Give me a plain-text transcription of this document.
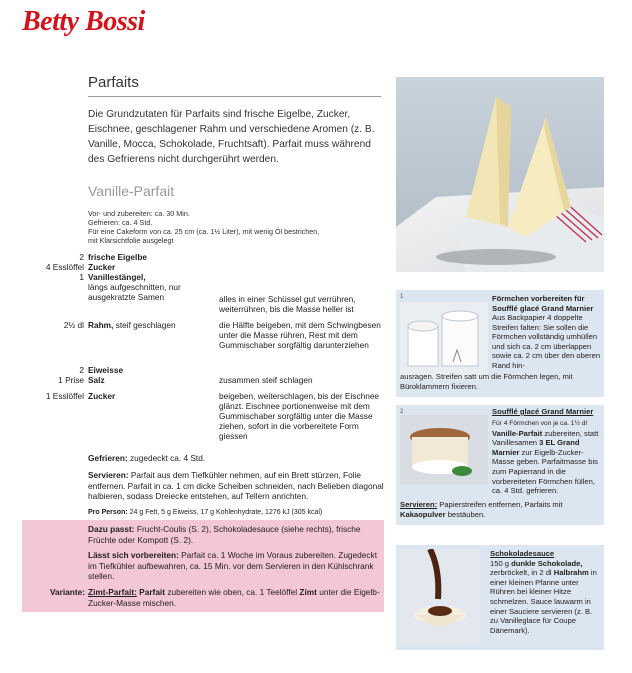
Betty Bossi
Parfaits
Die Grundzutaten für Parfaits sind frische Eigelbe, Zucker, Eischnee, geschlagener Rahm und verschiedene Aromen (z. B. Vanille, Mocca, Schokolade, Fruchtsaft). Parfait muss während des Gefrierens nicht durchgerührt werden.
Vanille-Parfait
Vor- und zubereiten: ca. 30 Min.
Gefrieren: ca. 4 Std.
Für eine Cakeform von ca. 25 cm (ca. 1½ Liter), mit wenig Öl bestrichen,
mit Klarsichtfolie ausgelegt
2 frische Eigelbe
4 Esslöffel Zucker
1 Vanillestängel,
längs aufgeschnitten, nur ausgekratzte Samen
2½ dl Rahm, steif geschlagen
2 Eiweisse
1 Prise Salz
1 Esslöffel Zucker
alles in einer Schüssel gut verrühren, weiterrühren, bis die Masse heller ist
die Hälfte beigeben, mit dem Schwingbesen unter die Masse rühren, Rest mit dem Gummischaber sorgfältig darunterziehen
zusammen steif schlagen
beigeben, weiterschlagen, bis der Eischnee glänzt. Eischnee portionenweise mit dem Gummischaber sorgfältig unter die Masse ziehen, sofort in die vorbereitete Form giessen
Gefrieren: zugedeckt ca. 4 Std.
Servieren: Parfait aus dem Tiefkühler nehmen, auf ein Brett stürzen, Folie entfernen. Parfait in ca. 1 cm dicke Scheiben schneiden, nach Belieben diagonal halbieren, sodass Dreiecke entstehen, auf Tellern anrichten.
Pro Person: 24 g Fett, 5 g Eiweiss, 17 g Kohlenhydrate, 1276 kJ (305 kcal)
Dazu passt: Frucht-Coulis (S. 2), Schokoladesauce (siehe rechts), frische Früchte oder Kompott (S. 2).
Lässt sich vorbereiten: Parfait ca. 1 Woche im Voraus zubereiten. Zugedeckt im Tiefkühler aufbewahren, ca. 15 Min. vor dem Servieren in den Kühlschrank stellen.
Variante: Zimt-Parfait: Parfait zubereiten wie oben, ca. 1 Teelöffel Zimt unter die Eigelb-Zucker-Masse mischen.
1	Förmchen vorbereiten für Soufflé glacé Grand Marnier
Aus Backpapier 4 doppelte Streifen falten: Sie sollen die Förmchen vollständig umhüllen und sich ca. 2 cm überlappen sowie ca. 2 cm über den oberen Rand hin-
ausragen. Streifen satt um die Förmchen legen, mit Büroklammern fixieren.
2	Soufflé glacé Grand Marnier
Für 4 Förmchen von je ca. 1½ dl
Vanille-Parfait zubereiten, statt Vanillesamen 3 EL Grand Marnier zur Eigelb-Zucker-Masse geben. Parfaitmasse bis zum Papierrand in die vorbereiteten Förmchen füllen, ca. 4 Std. gefrieren.
Servieren: Papierstreifen entfernen, Parfaits mit Kakaopulver bestäuben.
Schokoladesauce
150 g dunkle Schokolade, zerbröckelt, in 2 dl Halbrahm in einer kleinen Pfanne unter Rühren bei kleiner Hitze schmelzen. Sauce lauwarm in einer Sauciere servieren (z. B. zu Vanilleglace für Coupe Dänemark).
